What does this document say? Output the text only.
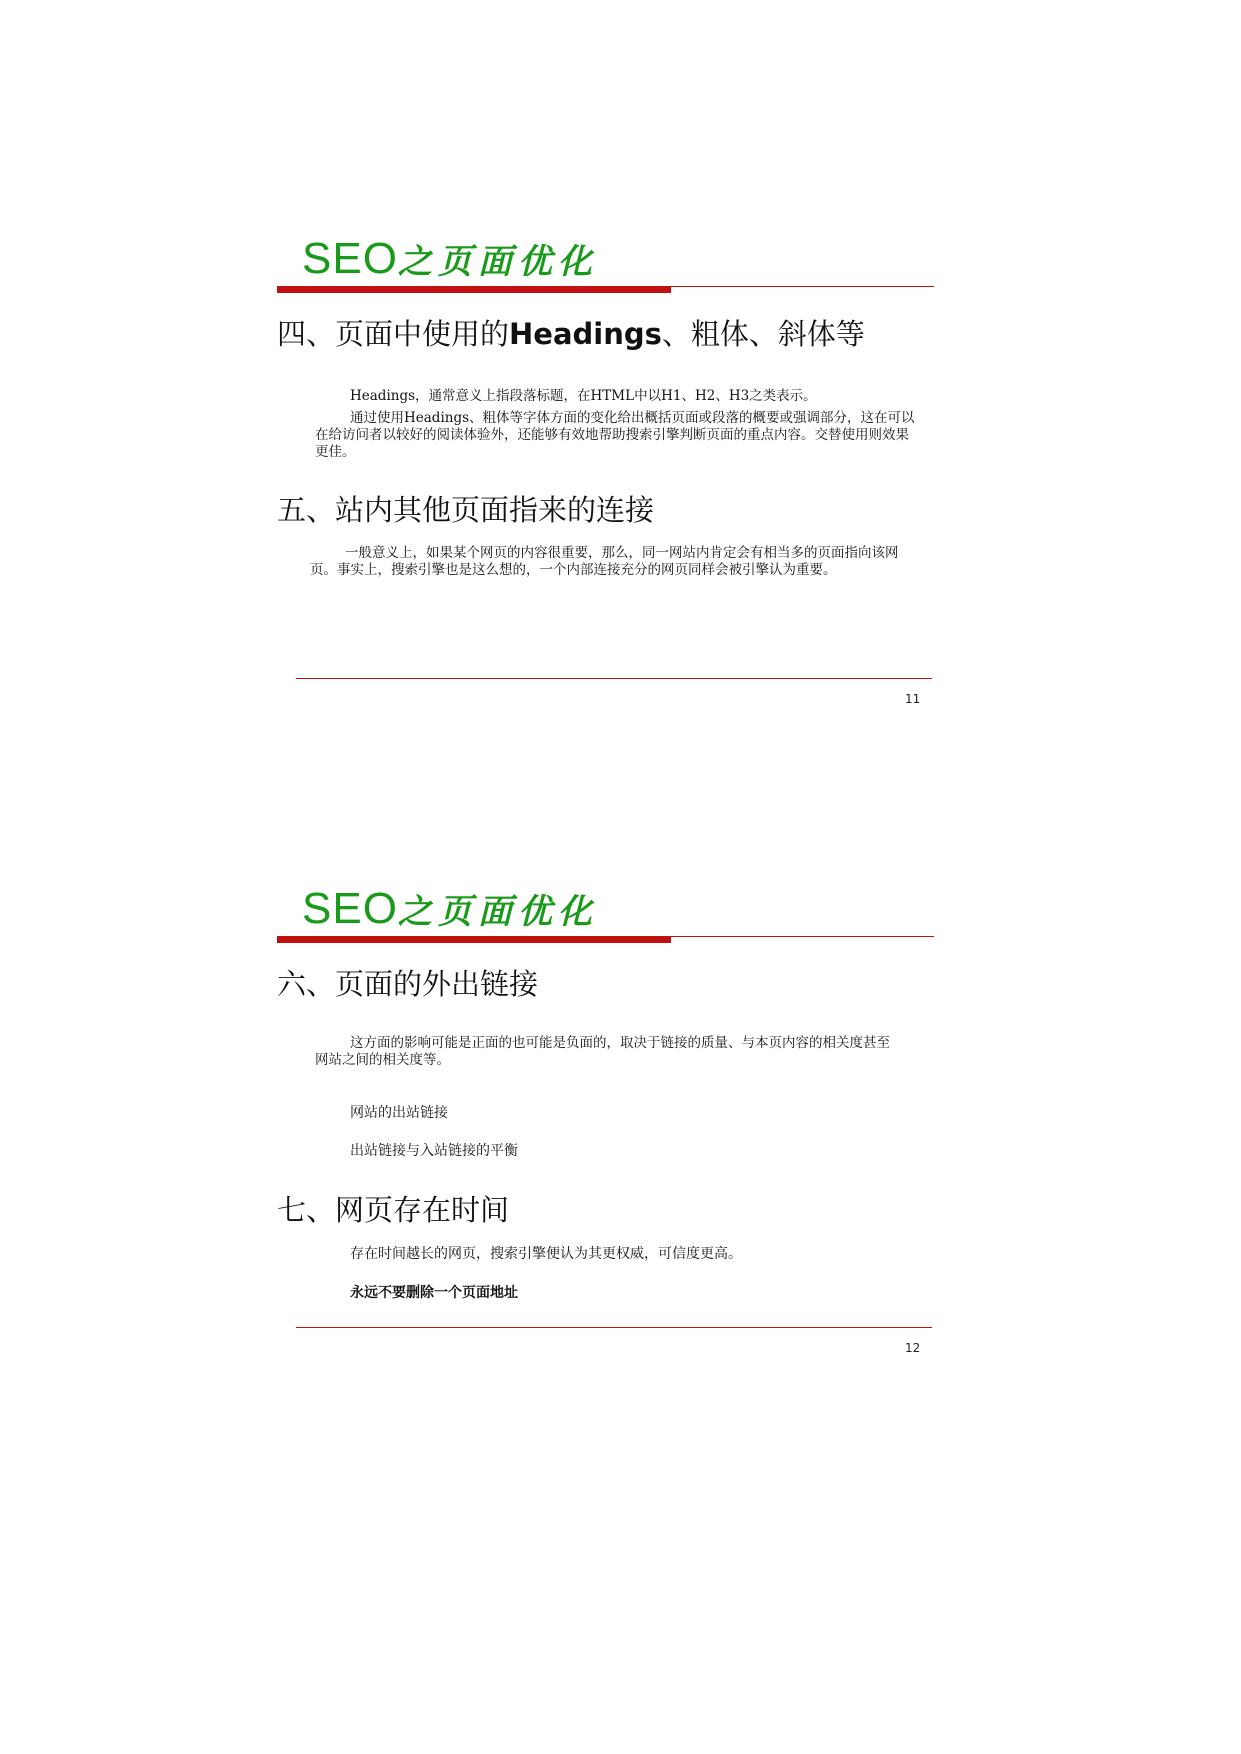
SEO之页面优化
四、页面中使用的Headings、粗体、斜体等
Headings，通常意义上指段落标题，在HTML中以H1、H2、H3之类表示。
通过使用Headings、粗体等字体方面的变化给出概括页面或段落的概要或强调部分，这在可以在给访问者以较好的阅读体验外，还能够有效地帮助搜索引擎判断页面的重点内容。交替使用则效果更佳。
五、站内其他页面指来的连接
一般意义上，如果某个网页的内容很重要，那么，同一网站内肯定会有相当多的页面指向该网页。事实上，搜索引擎也是这么想的，一个内部连接充分的网页同样会被引擎认为重要。
11
SEO之页面优化
六、页面的外出链接
这方面的影响可能是正面的也可能是负面的，取决于链接的质量、与本页内容的相关度甚至网站之间的相关度等。
网站的出站链接
出站链接与入站链接的平衡
七、网页存在时间
存在时间越长的网页，搜索引擎便认为其更权威，可信度更高。
永远不要删除一个页面地址
12
